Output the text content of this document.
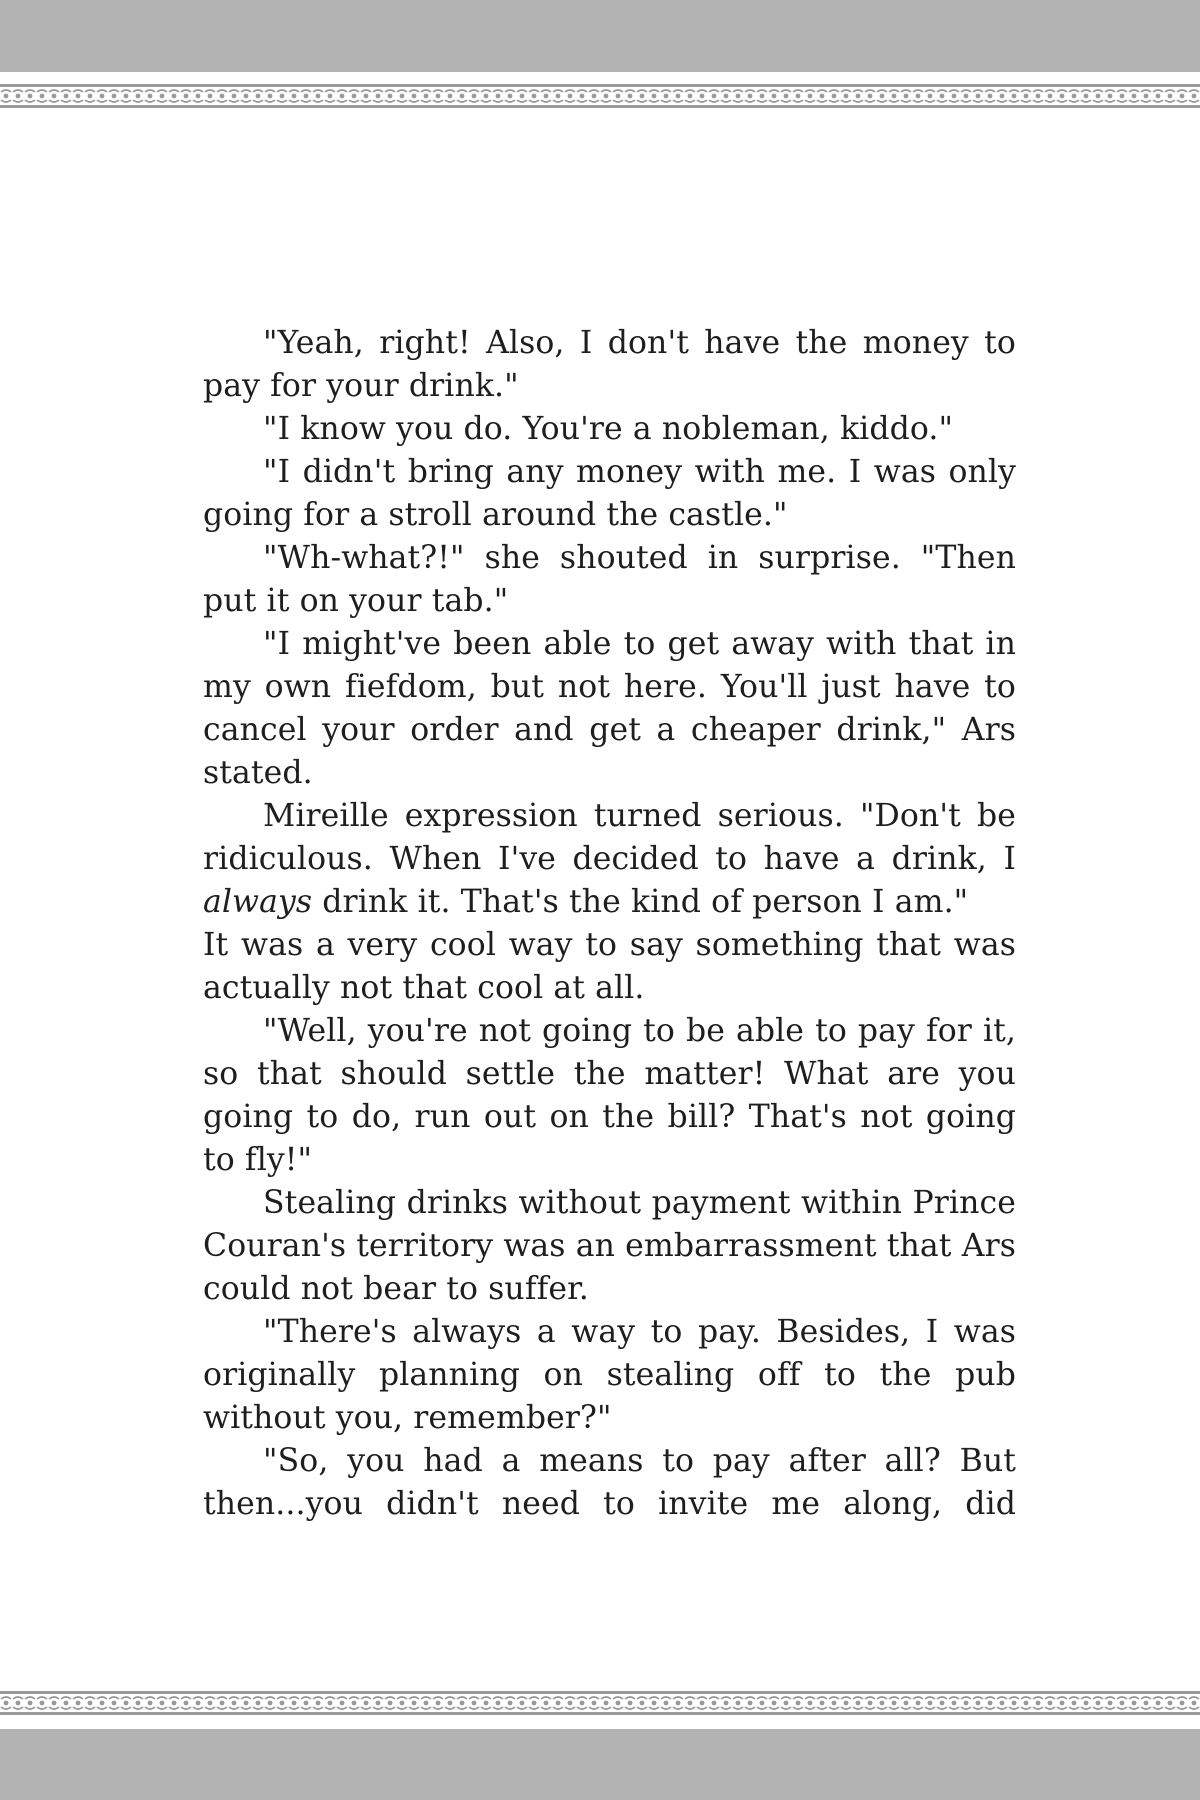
"Yeah, right! Also, I don't have the money to pay for your drink."

"I know you do. You're a nobleman, kiddo."

"I didn't bring any money with me. I was only going for a stroll around the castle."

"Wh-what?!" she shouted in surprise. "Then put it on your tab."

"I might've been able to get away with that in my own fiefdom, but not here. You'll just have to cancel your order and get a cheaper drink," Ars stated.

Mireille expression turned serious. "Don't be ridiculous. When I've decided to have a drink, I always drink it. That's the kind of person I am."

It was a very cool way to say something that was actually not that cool at all.

"Well, you're not going to be able to pay for it, so that should settle the matter! What are you going to do, run out on the bill? That's not going to fly!"

Stealing drinks without payment within Prince Couran's territory was an embarrassment that Ars could not bear to suffer.

"There's always a way to pay. Besides, I was originally planning on stealing off to the pub without you, remember?"

"So, you had a means to pay after all? But then...you didn't need to invite me along, did
